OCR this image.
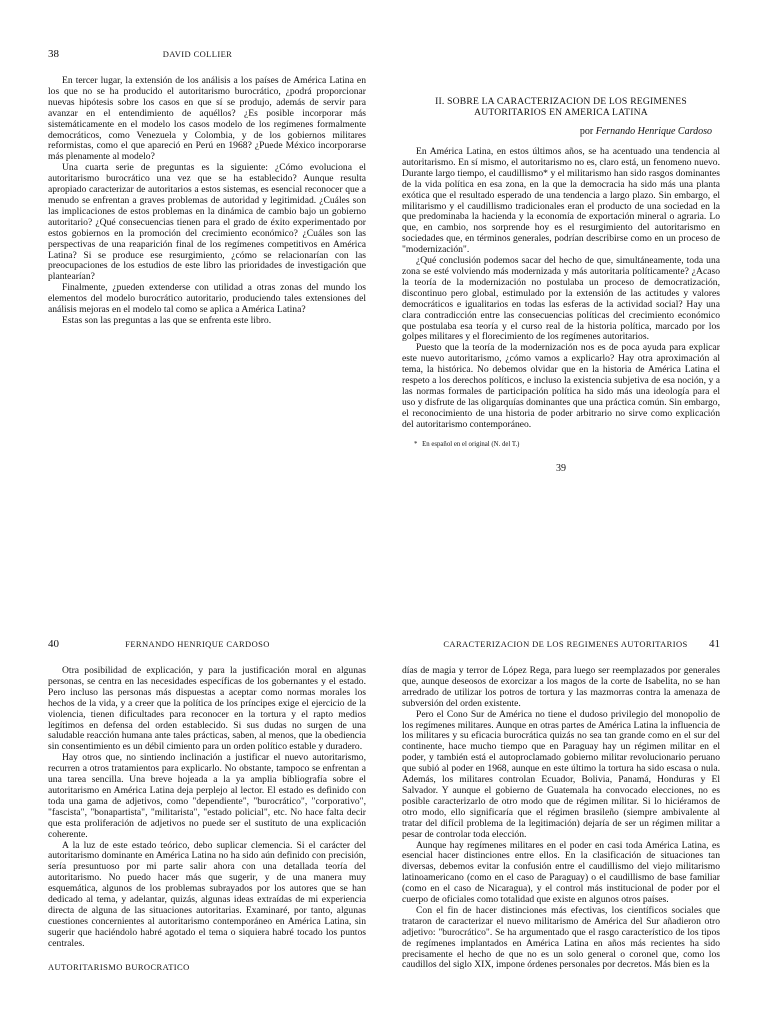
38	DAVID COLLIER

En tercer lugar, la extensión de los análisis a los países de América Latina en los que no se ha producido el autoritarismo burocrático, ¿podrá proporcionar nuevas hipótesis sobre los casos en que sí se produjo, además de servir para avanzar en el entendimiento de aquéllos? ¿Es posible incorporar más sistemáticamente en el modelo los casos modelo de los regímenes formalmente democráticos, como Venezuela y Colombia, y de los gobiernos militares reformistas, como el que apareció en Perú en 1968? ¿Puede México incorporarse más plenamente al modelo?

Una cuarta serie de preguntas es la siguiente: ¿Cómo evoluciona el autoritarismo burocrático una vez que se ha establecido? Aunque resulta apropiado caracterizar de autoritarios a estos sistemas, es esencial reconocer que a menudo se enfrentan a graves problemas de autoridad y legitimidad. ¿Cuáles son las implicaciones de estos problemas en la dinámica de cambio bajo un gobierno autoritario? ¿Qué consecuencias tienen para el grado de éxito experimentado por estos gobiernos en la promoción del crecimiento económico? ¿Cuáles son las perspectivas de una reaparición final de los regímenes competitivos en América Latina? Si se produce ese resurgimiento, ¿cómo se relacionarían con las preocupaciones de los estudios de este libro las prioridades de investigación que plantearían?

Finalmente, ¿pueden extenderse con utilidad a otras zonas del mundo los elementos del modelo burocrático autoritario, produciendo tales extensiones del análisis mejoras en el modelo tal como se aplica a América Latina?

Estas son las preguntas a las que se enfrenta este libro.

II. SOBRE LA CARACTERIZACION DE LOS REGIMENES
AUTORITARIOS EN AMERICA LATINA
por Fernando Henrique Cardoso

En América Latina, en estos últimos años, se ha acentuado una tendencia al autoritarismo. En sí mismo, el autoritarismo no es, claro está, un fenomeno nuevo. Durante largo tiempo, el caudillismo* y el militarismo han sido rasgos dominantes de la vida política en esa zona, en la que la democracia ha sido más una planta exótica que el resultado esperado de una tendencia a largo plazo. Sin embargo, el militarismo y el caudillismo tradicionales eran el producto de una sociedad en la que predominaba la hacienda y la economía de exportación mineral o agraria. Lo que, en cambio, nos sorprende hoy es el resurgimiento del autoritarismo en sociedades que, en términos generales, podrían describirse como en un proceso de "modernización".

¿Qué conclusión podemos sacar del hecho de que, simultáneamente, toda una zona se esté volviendo más modernizada y más autoritaria políticamente? ¿Acaso la teoría de la modernización no postulaba un proceso de democratización, discontinuo pero global, estimulado por la extensión de las actitudes y valores democráticos e igualitarios en todas las esferas de la actividad social? Hay una clara contradicción entre las consecuencias políticas del crecimiento económico que postulaba esa teoría y el curso real de la historia política, marcado por los golpes militares y el florecimiento de los regímenes autoritarios.

Puesto que la teoría de la modernización nos es de poca ayuda para explicar este nuevo autoritarismo, ¿cómo vamos a explicarlo? Hay otra aproximación al tema, la histórica. No debemos olvidar que en la historia de América Latina el respeto a los derechos políticos, e incluso la existencia subjetiva de esa noción, y a las normas formales de participación política ha sido más una ideología para el uso y disfrute de las oligarquías dominantes que una práctica común. Sin embargo, el reconocimiento de una historia de poder arbitrario no sirve como explicación del autoritarismo contemporáneo.

* En español en el original (N. del T.)
39
40	FERNANDO HENRIQUE CARDOSO

Otra posibilidad de explicación, y para la justificación moral en algunas personas, se centra en las necesidades específicas de los gobernantes y el estado. Pero incluso las personas más dispuestas a aceptar como normas morales los hechos de la vida, y a creer que la política de los príncipes exige el ejercicio de la violencia, tienen dificultades para reconocer en la tortura y el rapto medios legítimos en defensa del orden establecido. Si sus dudas no surgen de una saludable reacción humana ante tales prácticas, saben, al menos, que la obediencia sin consentimiento es un débil cimiento para un orden político estable y duradero.

Hay otros que, no sintiendo inclinación a justificar el nuevo autoritarismo, recurren a otros tratamientos para explicarlo. No obstante, tampoco se enfrentan a una tarea sencilla. Una breve hojeada a la ya amplia bibliografía sobre el autoritarismo en América Latina deja perplejo al lector. El estado es definido con toda una gama de adjetivos, como "dependiente", "burocrático", "corporativo", "fascista", "bonapartista", "militarista", "estado policial", etc. No hace falta decir que esta proliferación de adjetivos no puede ser el sustituto de una explicación coherente.

A la luz de este estado teórico, debo suplicar clemencia. Si el carácter del autoritarismo dominante en América Latina no ha sido aún definido con precisión, sería presuntuoso por mi parte salir ahora con una detallada teoría del autoritarismo. No puedo hacer más que sugerir, y de una manera muy esquemática, algunos de los problemas subrayados por los autores que se han dedicado al tema, y adelantar, quizás, algunas ideas extraídas de mi experiencia directa de alguna de las situaciones autoritarias. Examinaré, por tanto, algunas cuestiones concernientes al autoritarismo contemporáneo en América Latina, sin sugerir que haciéndolo habré agotado el tema o siquiera habré tocado los puntos centrales.

AUTORITARISMO BUROCRATICO
CARACTERIZACION DE LOS REGIMENES AUTORITARIOS	41

días de magia y terror de López Rega, para luego ser reemplazados por generales que, aunque deseosos de exorcizar a los magos de la corte de Isabelita, no se han arredrado de utilizar los potros de tortura y las mazmorras contra la amenaza de subversión del orden existente.

Pero el Cono Sur de América no tiene el dudoso privilegio del monopolio de los regímenes militares. Aunque en otras partes de América Latina la influencia de los militares y su eficacia burocrática quizás no sea tan grande como en el sur del continente, hace mucho tiempo que en Paraguay hay un régimen militar en el poder, y también está el autoproclamado gobierno militar revolucionario peruano que subió al poder en 1968, aunque en este último la tortura ha sido escasa o nula. Además, los militares controlan Ecuador, Bolivia, Panamá, Honduras y El Salvador. Y aunque el gobierno de Guatemala ha convocado elecciones, no es posible caracterizarlo de otro modo que de régimen militar. Si lo hiciéramos de otro modo, ello significaría que el régimen brasileño (siempre ambivalente al tratar del difícil problema de la legitimación) dejaría de ser un régimen militar a pesar de controlar toda elección.

Aunque hay regímenes militares en el poder en casi toda América Latina, es esencial hacer distinciones entre ellos. En la clasificación de situaciones tan diversas, debemos evitar la confusión entre el caudillismo del viejo militarismo latinoamericano (como en el caso de Paraguay) o el caudillismo de base familiar (como en el caso de Nicaragua), y el control más institucional de poder por el cuerpo de oficiales como totalidad que existe en algunos otros países.

Con el fin de hacer distinciones más efectivas, los científicos sociales que trataron de caracterizar el nuevo militarismo de América del Sur añadieron otro adjetivo: "burocrático". Se ha argumentado que el rasgo característico de los tipos de regímenes implantados en América Latina en años más recientes ha sido precisamente el hecho de que no es un solo general o coronel que, como los caudillos del siglo XIX, impone órdenes personales por decretos. Más bien es la
